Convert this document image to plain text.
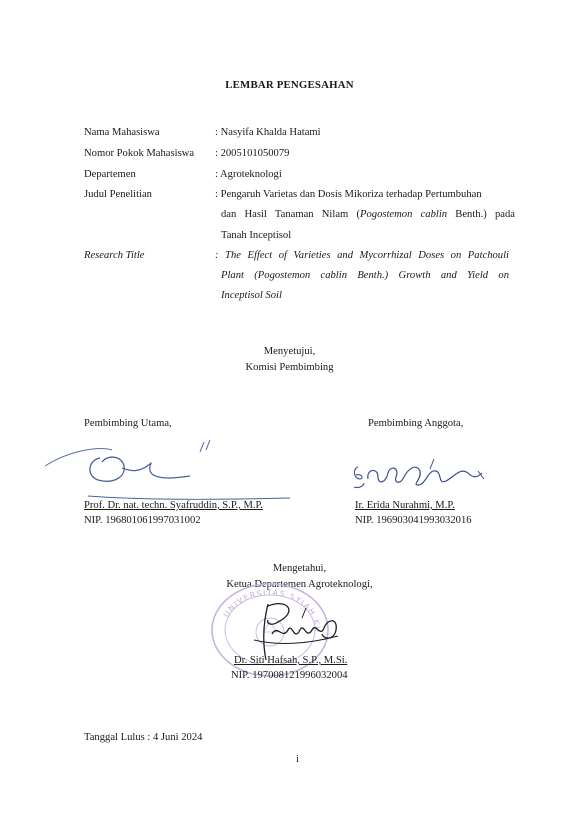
LEMBAR PENGESAHAN
Nama Mahasiswa	: Nasyifa Khalda Hatami
Nomor Pokok Mahasiswa : 2005101050079
Departemen	: Agroteknologi
Judul Penelitian	: Pengaruh Varietas dan Dosis Mikoriza terhadap Pertumbuhan
dan Hasil Tanaman Nilam (Pogostemon cablin Benth.) pada
Tanah Inceptisol
Research Title	: The Effect of Varieties and Mycorrhizal Doses on Patchouli
Plant (Pogostemon cablin Benth.) Growth and Yield on
Inceptisol Soil
Menyetujui,
Komisi Pembimbing
Pembimbing Utama,	Pembimbing Anggota,
Prof. Dr. nat. techn. Syafruddin, S.P., M.P.
NIP. 196801061997031002
Ir. Erida Nurahmi, M.P.
NIP. 196903041993032016
Mengetahui,
Ketua Departemen Agroteknologi,
UNIVERSITAS SYIAH KUALA
Dr. Siti Hafsah, S.P., M.Si.
NIP. 197008121996032004
Tanggal Lulus : 4 Juni 2024
i
